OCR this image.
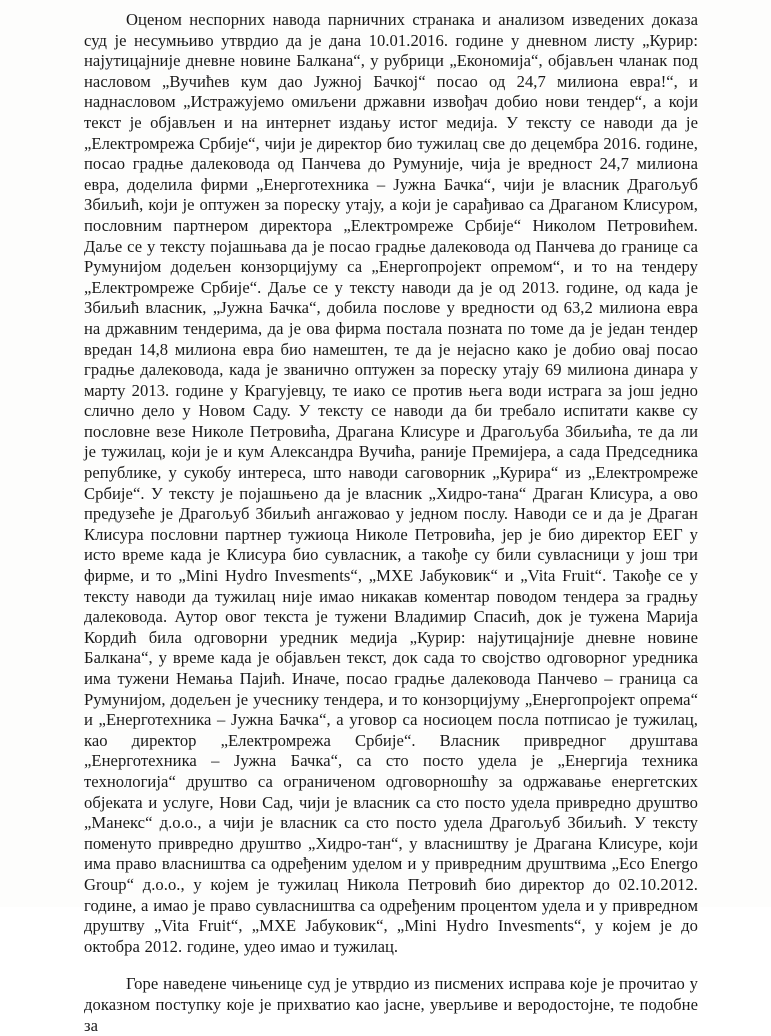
Оценом неспорних навода парничних странака и анализом изведених доказа суд је несумњиво утврдио да је дана 10.01.2016. године у дневном листу „Курир: најутицајније дневне новине Балкана“, у рубрици „Економија“, објављен чланак под насловом „Вучићев кум дао Јужној Бачкој“ посао од 24,7 милиона евра!“, и наднасловом „Истражујемо омиљени државни извођач добио нови тендер“, а који текст је објављен и на интернет издању истог медија. У тексту се наводи да је „Електромрежа Србије“, чији је директор био тужилац све до децембра 2016. године, посао градње далековода од Панчева до Румуније, чија је вредност 24,7 милиона евра, доделила фирми „Енерготехника – Јужна Бачка“, чији је власник Драгољуб Збиљић, који је оптужен за пореску утају, а који је сарађивао са Драганом Клисуром, пословним партнером директора „Електромреже Србије“ Николом Петровићем. Даље се у тексту појашњава да је посао градње далековода од Панчева до границе са Румунијом додељен конзорцијуму са „Енергопројект опремом“, и то на тендеру „Електромреже Србије“. Даље се у тексту наводи да је од 2013. године, од када је Збиљић власник, „Јужна Бачка“, добила послове у вредности од 63,2 милиона евра на државним тендерима, да је ова фирма постала позната по томе да је један тендер вредан 14,8 милиона евра био намештен, те да је нејасно како је добио овај посао градње далековода, када је званично оптужен за пореску утају 69 милиона динара у марту 2013. године у Крагујевцу, те иако се против њега води истрага за још једно слично дело у Новом Саду. У тексту се наводи да би требало испитати какве су пословне везе Николе Петровића, Драгана Клисуре и Драгољуба Збиљића, те да ли је тужилац, који је и кум Александра Вучића, раније Премијера, а сада Председника републике, у сукобу интереса, што наводи саговорник „Курира“ из „Електромреже Србије“. У тексту је појашњено да је власник „Хидро-тана“ Драган Клисура, а ово предузеће је Драгољуб Збиљић ангажовао у једном послу. Наводи се и да је Драган Клисура пословни партнер тужиоца Николе Петровића, јер је био директор ЕЕГ у исто време када је Клисура био сувласник, а такође су били сувласници у још три фирме, и то „Mini Hydro Invesments“, „МХЕ Јабуковик“ и „Vita Fruit“. Такође се у тексту наводи да тужилац није имао никакав коментар поводом тендера за градњу далековода. Аутор овог текста је тужени Владимир Спасић, док је тужена Марија Кордић била одговорни уредник медија „Курир: најутицајније дневне новине Балкана“, у време када је објављен текст, док сада то својство одговорног уредника има тужени Немања Пајић. Иначе, посао градње далековода Панчево – граница са Румунијом, додељен је учеснику тендера, и то конзорцијуму „Енергопројект опрема“ и „Енерготехника – Јужна Бачка“, а уговор са носиоцем посла потписао је тужилац, као директор „Електромрежа Србије“. Власник привредног друштава „Енерготехника – Јужна Бачка“, са сто посто удела је „Енергија техника технологија“ друштво са ограниченом одговорношћу за одржавање енергетских објеката и услуге, Нови Сад, чији је власник са сто посто удела привредно друштво „Манекс“ д.о.о., а чији је власник са сто посто удела Драгољуб Збиљић. У тексту поменуто привредно друштво „Хидро-тан“, у власништву је Драгана Клисуре, који има право власништва са одређеним уделом и у привредним друштвима „Eco Energo Group“ д.о.о., у којем је тужилац Никола Петровић био директор до 02.10.2012. године, а имао је право сувласништва са одређеним процентом удела и у привредном друштву „Vita Fruit“, „МХЕ Јабуковик“, „Mini Hydro Invesments“, у којем је до октобра 2012. године, удео имао и тужилац.

Горе наведене чињенице суд је утврдио из писмених исправа које је прочитао у доказном поступку које је прихватио као јасне, уверљиве и веродостојне, те подобне за
